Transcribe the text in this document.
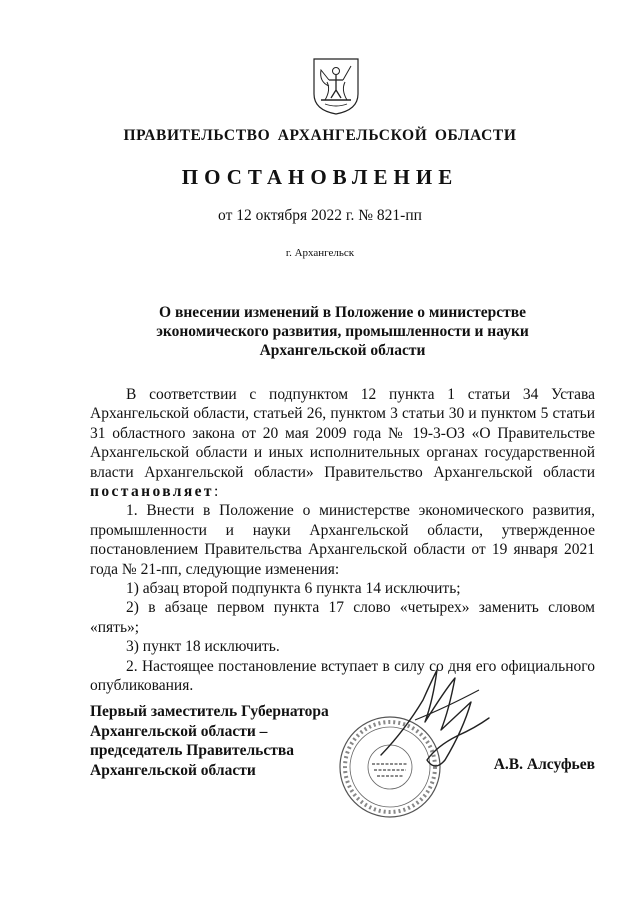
ПРАВИТЕЛЬСТВО АРХАНГЕЛЬСКОЙ ОБЛАСТИ
ПОСТАНОВЛЕНИЕ
от 12 октября 2022 г. № 821-пп
г. Архангельск
О внесении изменений в Положение о министерстве
экономического развития, промышленности и науки
Архангельской области

В соответствии с подпунктом 12 пункта 1 статьи 34 Устава Архангельской области, статьей 26, пунктом 3 статьи 30 и пунктом 5 статьи 31 областного закона от 20 мая 2009 года № 19-3-ОЗ «О Правительстве Архангельской области и иных исполнительных органах государственной власти Архангельской области» Правительство Архангельской области постановляет:

1. Внести в Положение о министерстве экономического развития, промышленности и науки Архангельской области, утвержденное постановлением Правительства Архангельской области от 19 января 2021 года № 21-пп, следующие изменения:

1) абзац второй подпункта 6 пункта 14 исключить;

2) в абзаце первом пункта 17 слово «четырех» заменить словом «пять»;

3) пункт 18 исключить.

2. Настоящее постановление вступает в силу со дня его официального опубликования.

Первый заместитель Губернатора
Архангельской области –
председатель Правительства
Архангельской области	А.В. Алсуфьев
